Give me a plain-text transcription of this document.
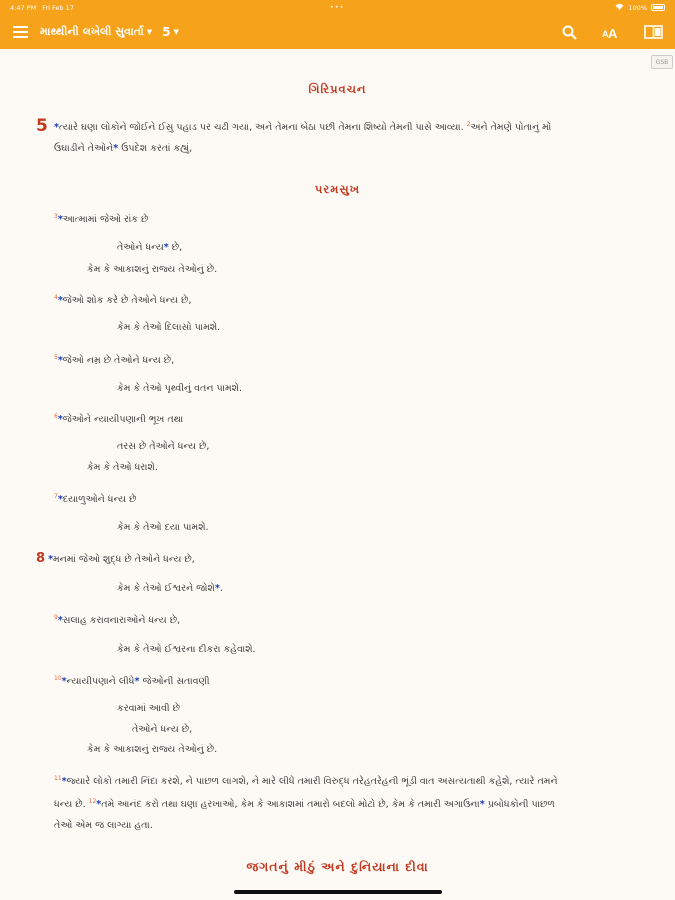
4:47 PM Fri Feb 17	•••	100%
માથ્થીની લખેલી સુવાર્તા ▼ 5 ▼	A A
GSB
ગિરિપ્રવચન
5 *ત્યારે ઘણા લોકોને જોઈને ઈસુ પહાડ પર ચઢી ગયા, અને તેમના બેઠા પછી તેમના શિષ્યો તેમની પાસે આવ્યા. $^2$અને તેમણે પોતાનું મોં
ઉઘાડીને તેઓને* ઉપદેશ કરતાં કહ્યું,
પરમસુખ
$^3$*આત્મામાં જેઓ રાંક છે
તેઓને ધન્ય* છે,
કેમ કે આકાશનું રાજ્ય તેઓનું છે.
$^4$*જેઓ શોક કરે છે તેઓને ધન્ય છે,
કેમ કે તેઓ દિલાસો પામશે.
$^5$*જેઓ નમ્ર છે તેઓને ધન્ય છે,
કેમ કે તેઓ પૃથ્વીનું વતન પામશે.
$^6$*જેઓને ન્યાયીપણાની ભૂખ તથા
તરસ છે તેઓને ધન્ય છે,
કેમ કે તેઓ ધરાશે.
$^7$*દયાળુઓને ધન્ય છે
કેમ કે તેઓ દયા પામશે.
8 *મનમાં જેઓ શુદ્ધ છે તેઓને ધન્ય છે,
કેમ કે તેઓ ઈશ્વરને જોશે*.
$^9$*સલાહ કરાવનારાઓને ધન્ય છે,
કેમ કે તેઓ ઈશ્વરના દીકરા કહેવાશે.
$^{10}$*ન્યાયીપણાને લીધે* જેઓની સતાવણી
કરવામાં આવી છે
તેઓને ધન્ય છે,
કેમ કે આકાશનું રાજ્ય તેઓનું છે.
$^{11}$*જ્યારે લોકો તમારી નિંદા કરશે, ને પાછળ લાગશે, ને મારે લીધે તમારી વિરુદ્ધ તરેહતરેહની ભૂંડી વાત અસત્યતાથી કહેશે, ત્યારે તમને
ધન્ય છે. $^{12}$*તમે આનંદ કરો તથા ઘણા હરખાઓ, કેમ કે આકાશમાં તમારો બદલો મોટો છે, કેમ કે તમારી અગાઉના* પ્રબોધકોની પાછળ
તેઓ એમ જ લાગ્યા હતા.
જગતનું મીઠું અને દુનિયાના દીવા
